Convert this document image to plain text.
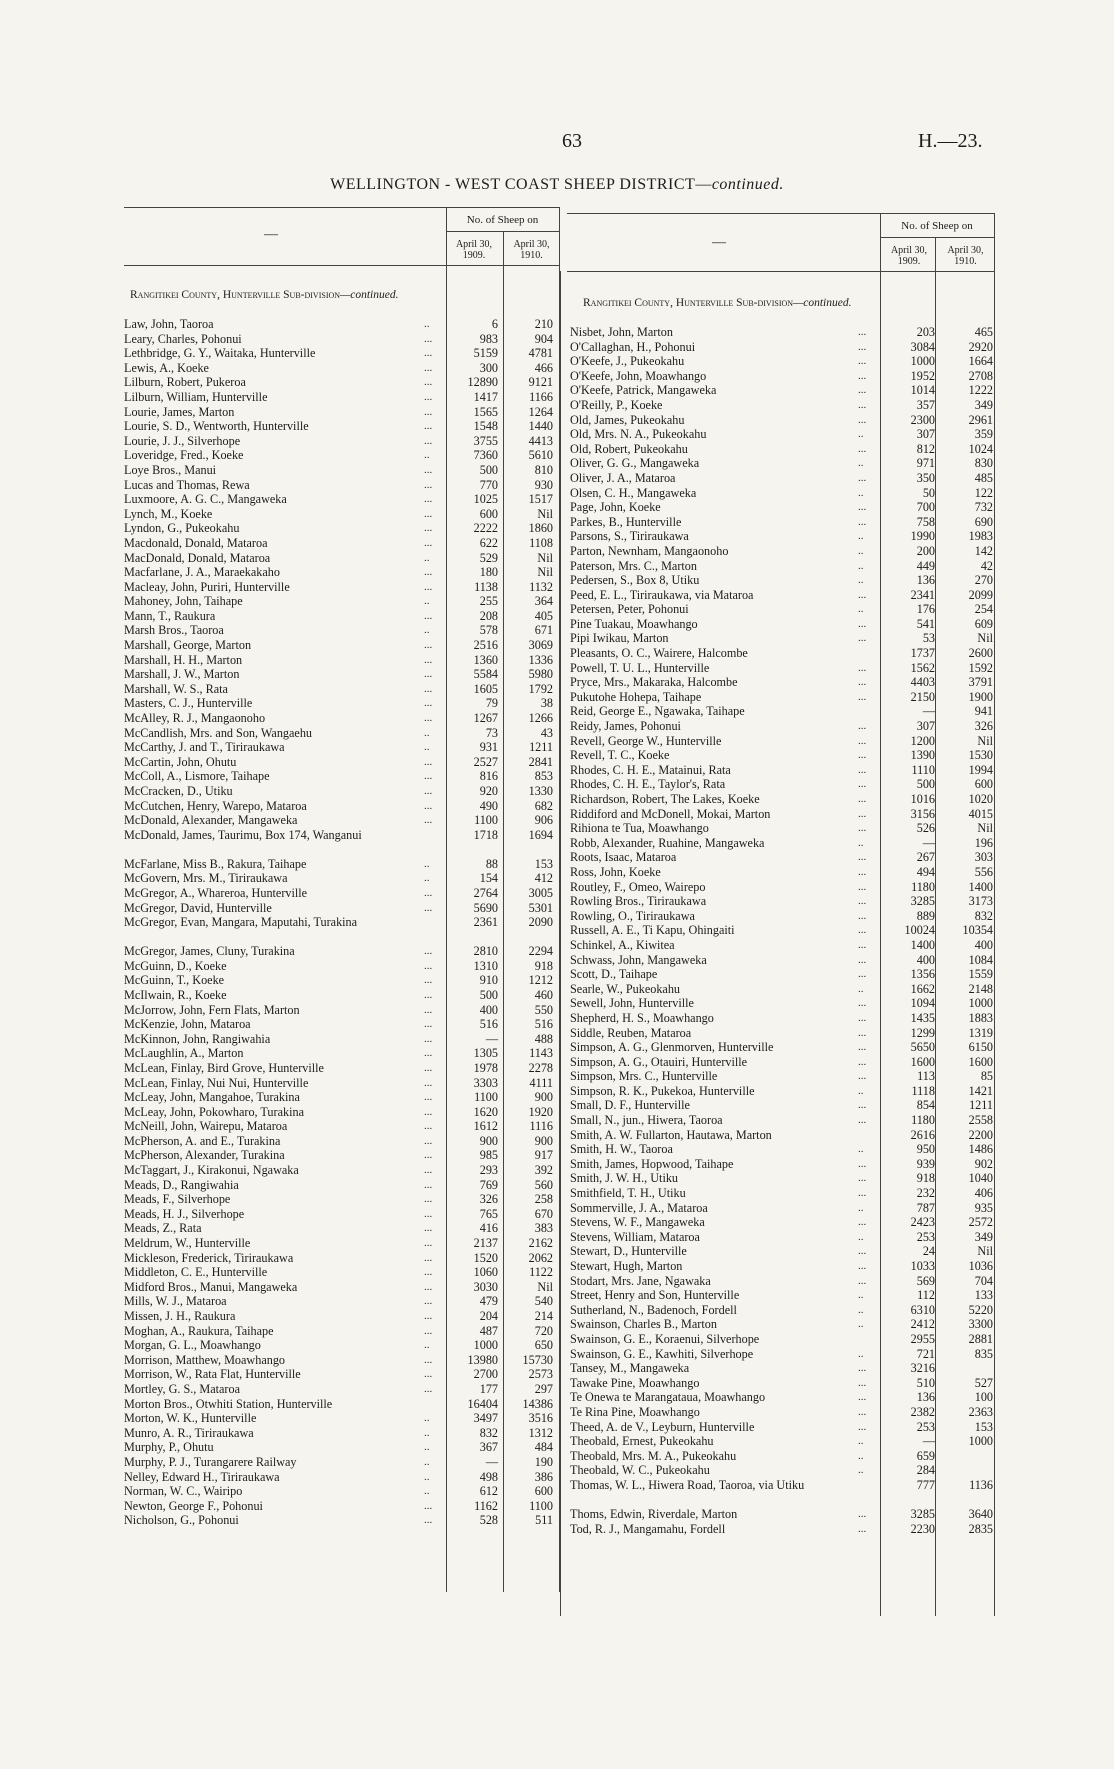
63	H.—23.
WELLINGTON - WEST COAST SHEEP DISTRICT—continued.
—
No. of Sheep on
April 30, 1909.
April 30, 1910.
Rangitikei County, Hunterville Sub-division—continued.
Law, John, Taoroa	..	6	210
Leary, Charles, Pohonui	...	983	904
Lethbridge, G. Y., Waitaka, Hunterville	...	5159	4781
Lewis, A., Koeke	...	300	466
Lilburn, Robert, Pukeroa	...	12890	9121
Lilburn, William, Hunterville	...	1417	1166
Lourie, James, Marton	...	1565	1264
Lourie, S. D., Wentworth, Hunterville	...	1548	1440
Lourie, J. J., Silverhope	...	3755	4413
Loveridge, Fred., Koeke	..	7360	5610
Loye Bros., Manui	...	500	810
Lucas and Thomas, Rewa	...	770	930
Luxmoore, A. G. C., Mangaweka	...	1025	1517
Lynch, M., Koeke	...	600	Nil
Lyndon, G., Pukeokahu	...	2222	1860
Macdonald, Donald, Mataroa	...	622	1108
MacDonald, Donald, Mataroa	..	529	Nil
Macfarlane, J. A., Maraekakaho	...	180	Nil
Macleay, John, Puriri, Hunterville	...	1138	1132
Mahoney, John, Taihape	..	255	364
Mann, T., Raukura	...	208	405
Marsh Bros., Taoroa	..	578	671
Marshall, George, Marton	...	2516	3069
Marshall, H. H., Marton	...	1360	1336
Marshall, J. W., Marton	...	5584	5980
Marshall, W. S., Rata	...	1605	1792
Masters, C. J., Hunterville	...	79	38
McAlley, R. J., Mangaonoho	...	1267	1266
McCandlish, Mrs. and Son, Wangaehu	..	73	43
McCarthy, J. and T., Tiriraukawa	..	931	1211
McCartin, John, Ohutu	...	2527	2841
McColl, A., Lismore, Taihape	...	816	853
McCracken, D., Utiku	...	920	1330
McCutchen, Henry, Warepo, Mataroa	...	490	682
McDonald, Alexander, Mangaweka	...	1100	906
McDonald, James, Taurimu, Box 174, Wanganui	1718	1694
McFarlane, Miss B., Rakura, Taihape	..	88	153
McGovern, Mrs. M., Tiriraukawa	..	154	412
McGregor, A., Whareroa, Hunterville	...	2764	3005
McGregor, David, Hunterville	...	5690	5301
McGregor, Evan, Mangara, Maputahi, Turakina	2361	2090
McGregor, James, Cluny, Turakina	...	2810	2294
McGuinn, D., Koeke	...	1310	918
McGuinn, T., Koeke	...	910	1212
McIlwain, R., Koeke	...	500	460
McJorrow, John, Fern Flats, Marton	...	400	550
McKenzie, John, Mataroa	...	516	516
McKinnon, John, Rangiwahia	...	—	488
McLaughlin, A., Marton	...	1305	1143
McLean, Finlay, Bird Grove, Hunterville	...	1978	2278
McLean, Finlay, Nui Nui, Hunterville	...	3303	4111
McLeay, John, Mangahoe, Turakina	...	1100	900
McLeay, John, Pokowharo, Turakina	...	1620	1920
McNeill, John, Wairepu, Mataroa	...	1612	1116
McPherson, A. and E., Turakina	...	900	900
McPherson, Alexander, Turakina	...	985	917
McTaggart, J., Kirakonui, Ngawaka	...	293	392
Meads, D., Rangiwahia	...	769	560
Meads, F., Silverhope	...	326	258
Meads, H. J., Silverhope	...	765	670
Meads, Z., Rata	...	416	383
Meldrum, W., Hunterville	...	2137	2162
Mickleson, Frederick, Tiriraukawa	...	1520	2062
Middleton, C. E., Hunterville	...	1060	1122
Midford Bros., Manui, Mangaweka	...	3030	Nil
Mills, W. J., Mataroa	...	479	540
Missen, J. H., Raukura	...	204	214
Moghan, A., Raukura, Taihape	...	487	720
Morgan, G. L., Moawhango	..	1000	650
Morrison, Matthew, Moawhango	...	13980 15730
Morrison, W., Rata Flat, Hunterville	...	2700	2573
Mortley, G. S., Mataroa	...	177	297
Morton Bros., Otwhiti Station, Hunterville	16404 14386
Morton, W. K., Hunterville	..	3497	3516
Munro, A. R., Tiriraukawa	..	832	1312
Murphy, P., Ohutu	..	367	484
Murphy, P. J., Turangarere Railway	..	—	190
Nelley, Edward H., Tiriraukawa	..	498	386
Norman, W. C., Wairipo	..	612	600
Newton, George F., Pohonui	...	1162	1100
Nicholson, G., Pohonui	...	528	511
—
No. of Sheep on
April 30, 1909.
April 30, 1910.
Rangitikei County, Hunterville Sub-division—continued.
Nisbet, John, Marton	...	203	465
O'Callaghan, H., Pohonui	...	3084	2920
O'Keefe, J., Pukeokahu	...	1000	1664
O'Keefe, John, Moawhango	...	1952	2708
O'Keefe, Patrick, Mangaweka	...	1014	1222
O'Reilly, P., Koeke	...	357	349
Old, James, Pukeokahu	...	2300	2961
Old, Mrs. N. A., Pukeokahu	..	307	359
Old, Robert, Pukeokahu	...	812	1024
Oliver, G. G., Mangaweka	..	971	830
Oliver, J. A., Mataroa	...	350	485
Olsen, C. H., Mangaweka	..	50	122
Page, John, Koeke	...	700	732
Parkes, B., Hunterville	...	758	690
Parsons, S., Tiriraukawa	..	1990	1983
Parton, Newnham, Mangaonoho	..	200	142
Paterson, Mrs. C., Marton	..	449	42
Pedersen, S., Box 8, Utiku	..	136	270
Peed, E. L., Tiriraukawa, via Mataroa	...	2341	2099
Petersen, Peter, Pohonui	..	176	254
Pine Tuakau, Moawhango	...	541	609
Pipi Iwikau, Marton	...	53	Nil
Pleasants, O. C., Wairere, Halcombe	1737	2600
Powell, T. U. L., Hunterville	...	1562	1592
Pryce, Mrs., Makaraka, Halcombe	...	4403	3791
Pukutohe Hohepa, Taihape	...	2150	1900
Reid, George E., Ngawaka, Taihape	—	941
Reidy, James, Pohonui	...	307	326
Revell, George W., Hunterville	...	1200	Nil
Revell, T. C., Koeke	...	1390	1530
Rhodes, C. H. E., Matainui, Rata	...	1110	1994
Rhodes, C. H. E., Taylor's, Rata	...	500	600
Richardson, Robert, The Lakes, Koeke	...	1016	1020
Riddiford and McDonell, Mokai, Marton	...	3156	4015
Rihiona te Tua, Moawhango	...	526	Nil
Robb, Alexander, Ruahine, Mangaweka	..	—	196
Roots, Isaac, Mataroa	...	267	303
Ross, John, Koeke	...	494	556
Routley, F., Omeo, Wairepo	...	1180	1400
Rowling Bros., Tiriraukawa	...	3285	3173
Rowling, O., Tiriraukawa	...	889	832
Russell, A. E., Ti Kapu, Ohingaiti	...	10024 10354
Schinkel, A., Kiwitea	...	1400	400
Schwass, John, Mangaweka	...	400	1084
Scott, D., Taihape	...	1356	1559
Searle, W., Pukeokahu	..	1662	2148
Sewell, John, Hunterville	...	1094	1000
Shepherd, H. S., Moawhango	...	1435	1883
Siddle, Reuben, Mataroa	...	1299	1319
Simpson, A. G., Glenmorven, Hunterville	...	5650	6150
Simpson, A. G., Otauiri, Hunterville	...	1600	1600
Simpson, Mrs. C., Hunterville	...	113	85
Simpson, R. K., Pukekoa, Hunterville	..	1118	1421
Small, D. F., Hunterville	...	854	1211
Small, N., jun., Hiwera, Taoroa	...	1180	2558
Smith, A. W. Fullarton, Hautawa, Marton	2616	2200
Smith, H. W., Taoroa	..	950	1486
Smith, James, Hopwood, Taihape	...	939	902
Smith, J. W. H., Utiku	...	918	1040
Smithfield, T. H., Utiku	...	232	406
Sommerville, J. A., Mataroa	..	787	935
Stevens, W. F., Mangaweka	...	2423	2572
Stevens, William, Mataroa	..	253	349
Stewart, D., Hunterville	...	24	Nil
Stewart, Hugh, Marton	...	1033	1036
Stodart, Mrs. Jane, Ngawaka	...	569	704
Street, Henry and Son, Hunterville	..	112	133
Sutherland, N., Badenoch, Fordell	..	6310	5220
Swainson, Charles B., Marton	..	2412	3300
Swainson, G. E., Koraenui, Silverhope	2955	2881
Swainson, G. E., Kawhiti, Silverhope	..	721	835
Tansey, M., Mangaweka	...	3216
Tawake Pine, Moawhango	...	510	527
Te Onewa te Marangataua, Moawhango	...	136	100
Te Rina Pine, Moawhango	...	2382	2363
Theed, A. de V., Leyburn, Hunterville	...	253	153
Theobald, Ernest, Pukeokahu	..	—	1000
Theobald, Mrs. M. A., Pukeokahu	..	659
Theobald, W. C., Pukeokahu	..	284
Thomas, W. L., Hiwera Road, Taoroa, via Utiku	777	1136
Thoms, Edwin, Riverdale, Marton	...	3285	3640
Tod, R. J., Mangamahu, Fordell	...	2230	2835
